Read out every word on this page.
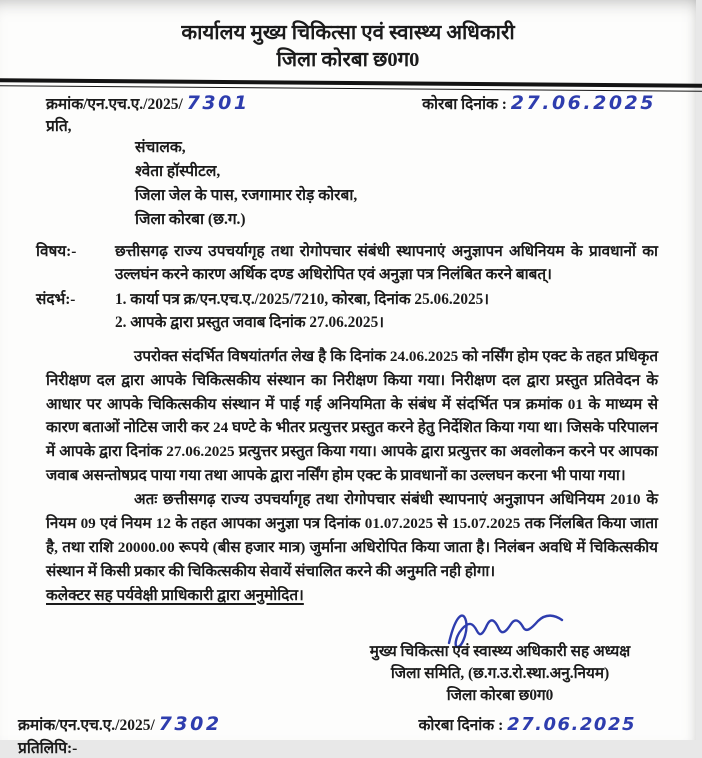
कार्यालय मुख्य चिकित्सा एवं स्वास्थ्य अधिकारी
जिला कोरबा छ0ग0
क्रमांक/एन.एच.ए./2025/ 7301	कोरबा दिनांक : 27.06.2025
प्रति,
संचालक,
श्वेता हॉस्पीटल,
जिला जेल के पास, रजगामार रोड़ कोरबा,
जिला कोरबा (छ.ग.)
विषय:-	छत्तीसगढ़ राज्य उपचर्यागृह तथा रोगोपचार संबंधी स्थापनाएं अनुज्ञापन अधिनियम के प्रावधानों का उल्लघंन करने कारण अर्थिक दण्ड अधिरोपित एवं अनुज्ञा पत्र निलंबित करने बाबत्।
संदर्भ:-	1. कार्या पत्र क्र/एन.एच.ए./2025/7210, कोरबा, दिनांक 25.06.2025।
2. आपके द्वारा प्रस्तुत जवाब दिनांक 27.06.2025।
उपरोक्त संदर्भित विषयांतर्गत लेख है कि दिनांक 24.06.2025 को नर्सिंग होम एक्ट के तहत प्रधिकृत निरीक्षण दल द्वारा आपके चिकित्सकीय संस्थान का निरीक्षण किया गया। निरीक्षण दल द्वारा प्रस्तुत प्रतिवेदन के आधार पर आपके चिकित्सकीय संस्थान में पाई गई अनियमिता के संबंध में संदर्भित पत्र क्रमांक 01 के माध्यम से कारण बताओं नोटिस जारी कर 24 घण्टे के भीतर प्रत्युत्तर प्रस्तुत करने हेतु निर्देशित किया गया था। जिसके परिपालन में आपके द्वारा दिनांक 27.06.2025 प्रत्युत्तर प्रस्तुत किया गया। आपके द्वारा प्रत्युत्तर का अवलोकन करने पर आपका जवाब असन्तोषप्रद पाया गया तथा आपके द्वारा नर्सिंग होम एक्ट के प्रावधानों का उल्लघन करना भी पाया गया।
अतः छत्तीसगढ़ राज्य उपचर्यागृह तथा रोगोपचार संबंधी स्थापनाएं अनुज्ञापन अधिनियम 2010 के नियम 09 एवं नियम 12 के तहत आपका अनुज्ञा पत्र दिनांक 01.07.2025 से 15.07.2025 तक निंलबित किया जाता है, तथा राशि 20000.00 रूपये (बीस हजार मात्र) जुर्माना अधिरोपित किया जाता है। निलंबन अवधि में चिकित्सकीय संस्थान में किसी प्रकार की चिकित्सकीय सेवायें संचालित करने की अनुमति नही होगा।
कलेक्टर सह पर्यवेक्षी प्राधिकारी द्वारा अनुमोदित।
मुख्य चिकित्सा एवं स्वास्थ्य अधिकारी सह अध्यक्ष
जिला समिति, (छ.ग.उ.रो.स्था.अनु.नियम)
जिला कोरबा छ0ग0
क्रमांक/एन.एच.ए./2025/ 7302	कोरबा दिनांक : 27.06.2025
प्रतिलिपि:-
